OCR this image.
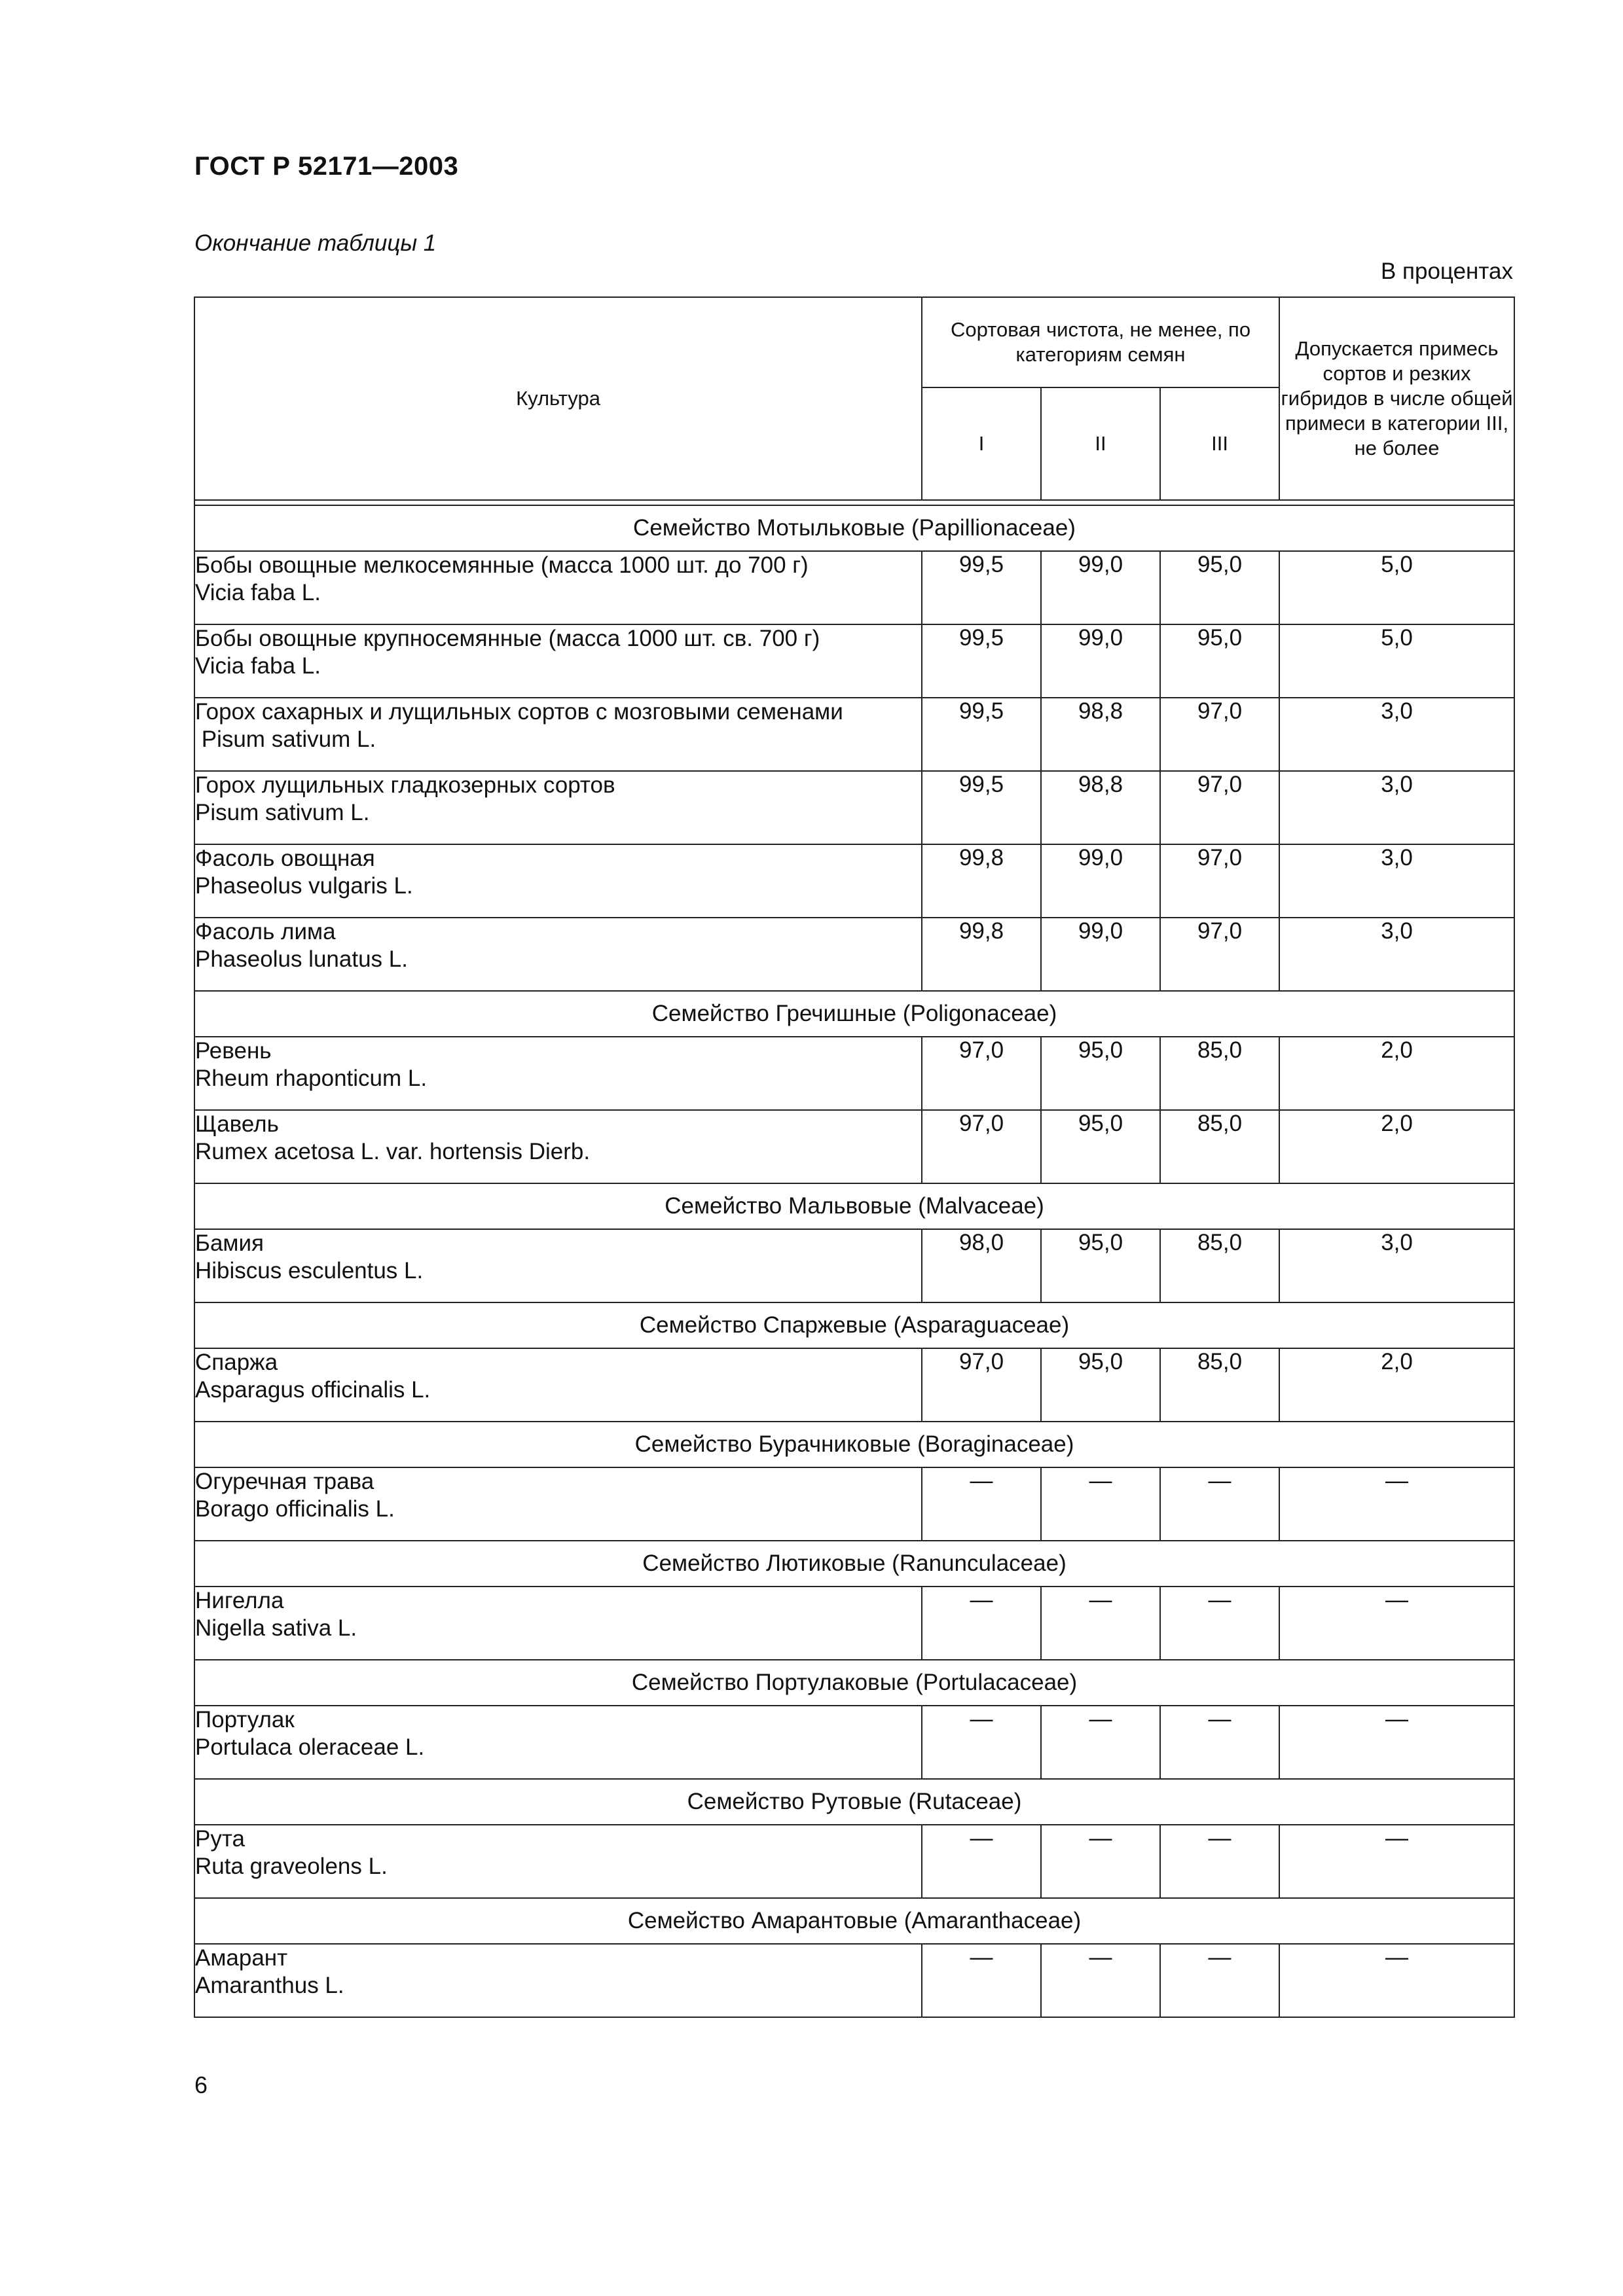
ГОСТ Р 52171—2003
Окончание таблицы 1
В процентах
Культура	Сортовая чистота, не менее, по категориям семян			Допускается примесь сортов и резких гибридов в числе общей примеси в категории III, не более
	I	II	III	

Семейство Мотыльковые (Papillionaceae)				
Бобы овощные мелкосемянные (масса 1000 шт. до 700 г)
Vicia faba L.	99,5	99,0	95,0	5,0
Бобы овощные крупносемянные (масса 1000 шт. св. 700 г)
Vicia faba L.	99,5	99,0	95,0	5,0
Горох сахарных и лущильных сортов с мозговыми семенами
Pisum sativum L.	99,5	98,8	97,0	3,0
Горох лущильных гладкозерных сортов
Pisum sativum L.	99,5	98,8	97,0	3,0
Фасоль овощная
Phaseolus vulgaris L.	99,8	99,0	97,0	3,0
Фасоль лима
Phaseolus lunatus L.	99,8	99,0	97,0	3,0
Семейство Гречишные (Poligonaceae)				
Ревень
Rheum rhaponticum L.	97,0	95,0	85,0	2,0
Щавель
Rumex acetosa L. var. hortensis Dierb.	97,0	95,0	85,0	2,0
Семейство Мальвовые (Malvaceae)				
Бамия
Hibiscus esculentus L.	98,0	95,0	85,0	3,0
Семейство Спаржевые (Asparaguaceae)				
Спаржа
Asparagus officinalis L.	97,0	95,0	85,0	2,0
Семейство Бурачниковые (Boraginaceae)				
Огуречная трава
Borago officinalis L.	—	—	—	—
Семейство Лютиковые (Ranunculaceae)				
Нигелла
Nigella sativa L.	—	—	—	—
Семейство Портулаковые (Portulacaceae)				
Портулак
Portulaca oleraceae L.	—	—	—	—
Семейство Рутовые (Rutaceae)				
Рута
Ruta graveolens L.	—	—	—	—
Семейство Амарантовые (Amaranthaceae)				
Амарант
Amaranthus L.	—	—	—	—
6
